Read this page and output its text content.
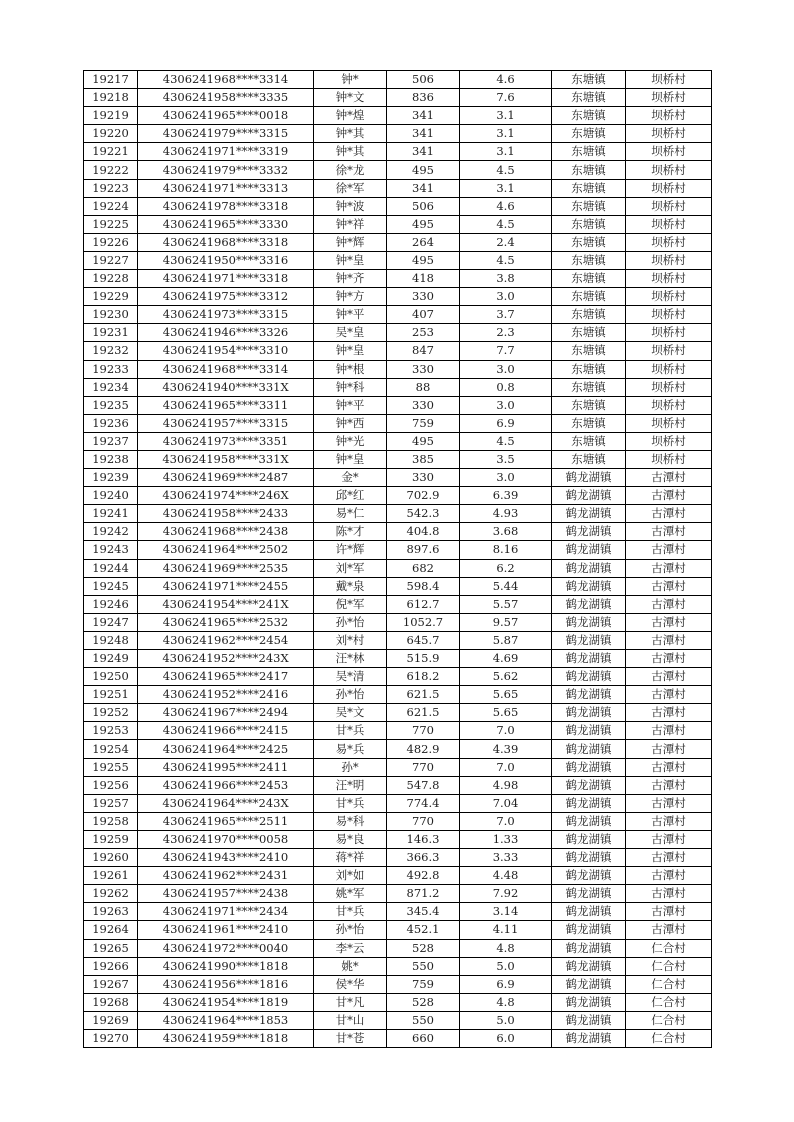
19217	4306241968****3314	钟*	506	4.6	东塘镇	坝桥村
19218	4306241958****3335	钟*文	836	7.6	东塘镇	坝桥村
19219	4306241965****0018	钟*煌	341	3.1	东塘镇	坝桥村
19220	4306241979****3315	钟*其	341	3.1	东塘镇	坝桥村
19221	4306241971****3319	钟*其	341	3.1	东塘镇	坝桥村
19222	4306241979****3332	徐*龙	495	4.5	东塘镇	坝桥村
19223	4306241971****3313	徐*军	341	3.1	东塘镇	坝桥村
19224	4306241978****3318	钟*波	506	4.6	东塘镇	坝桥村
19225	4306241965****3330	钟*祥	495	4.5	东塘镇	坝桥村
19226	4306241968****3318	钟*辉	264	2.4	东塘镇	坝桥村
19227	4306241950****3316	钟*皇	495	4.5	东塘镇	坝桥村
19228	4306241971****3318	钟*齐	418	3.8	东塘镇	坝桥村
19229	4306241975****3312	钟*方	330	3.0	东塘镇	坝桥村
19230	4306241973****3315	钟*平	407	3.7	东塘镇	坝桥村
19231	4306241946****3326	吴*皇	253	2.3	东塘镇	坝桥村
19232	4306241954****3310	钟*皇	847	7.7	东塘镇	坝桥村
19233	4306241968****3314	钟*根	330	3.0	东塘镇	坝桥村
19234	4306241940****331X	钟*科	88	0.8	东塘镇	坝桥村
19235	4306241965****3311	钟*平	330	3.0	东塘镇	坝桥村
19236	4306241957****3315	钟*西	759	6.9	东塘镇	坝桥村
19237	4306241973****3351	钟*光	495	4.5	东塘镇	坝桥村
19238	4306241958****331X	钟*皇	385	3.5	东塘镇	坝桥村
19239	4306241969****2487	金*	330	3.0	鹤龙湖镇	古潭村
19240	4306241974****246X	邱*红	702.9	6.39	鹤龙湖镇	古潭村
19241	4306241958****2433	易*仁	542.3	4.93	鹤龙湖镇	古潭村
19242	4306241968****2438	陈*才	404.8	3.68	鹤龙湖镇	古潭村
19243	4306241964****2502	许*辉	897.6	8.16	鹤龙湖镇	古潭村
19244	4306241969****2535	刘*军	682	6.2	鹤龙湖镇	古潭村
19245	4306241971****2455	戴*泉	598.4	5.44	鹤龙湖镇	古潭村
19246	4306241954****241X	倪*军	612.7	5.57	鹤龙湖镇	古潭村
19247	4306241965****2532	孙*怡	1052.7	9.57	鹤龙湖镇	古潭村
19248	4306241962****2454	刘*村	645.7	5.87	鹤龙湖镇	古潭村
19249	4306241952****243X	汪*林	515.9	4.69	鹤龙湖镇	古潭村
19250	4306241965****2417	吴*清	618.2	5.62	鹤龙湖镇	古潭村
19251	4306241952****2416	孙*怡	621.5	5.65	鹤龙湖镇	古潭村
19252	4306241967****2494	吴*文	621.5	5.65	鹤龙湖镇	古潭村
19253	4306241966****2415	甘*兵	770	7.0	鹤龙湖镇	古潭村
19254	4306241964****2425	易*兵	482.9	4.39	鹤龙湖镇	古潭村
19255	4306241995****2411	孙*	770	7.0	鹤龙湖镇	古潭村
19256	4306241966****2453	汪*明	547.8	4.98	鹤龙湖镇	古潭村
19257	4306241964****243X	甘*兵	774.4	7.04	鹤龙湖镇	古潭村
19258	4306241965****2511	易*科	770	7.0	鹤龙湖镇	古潭村
19259	4306241970****0058	易*良	146.3	1.33	鹤龙湖镇	古潭村
19260	4306241943****2410	蒋*祥	366.3	3.33	鹤龙湖镇	古潭村
19261	4306241962****2431	刘*如	492.8	4.48	鹤龙湖镇	古潭村
19262	4306241957****2438	姚*军	871.2	7.92	鹤龙湖镇	古潭村
19263	4306241971****2434	甘*兵	345.4	3.14	鹤龙湖镇	古潭村
19264	4306241961****2410	孙*怡	452.1	4.11	鹤龙湖镇	古潭村
19265	4306241972****0040	李*云	528	4.8	鹤龙湖镇	仁合村
19266	4306241990****1818	姚*	550	5.0	鹤龙湖镇	仁合村
19267	4306241956****1816	侯*华	759	6.9	鹤龙湖镇	仁合村
19268	4306241954****1819	甘*凡	528	4.8	鹤龙湖镇	仁合村
19269	4306241964****1853	甘*山	550	5.0	鹤龙湖镇	仁合村
19270	4306241959****1818	甘*苍	660	6.0	鹤龙湖镇	仁合村
